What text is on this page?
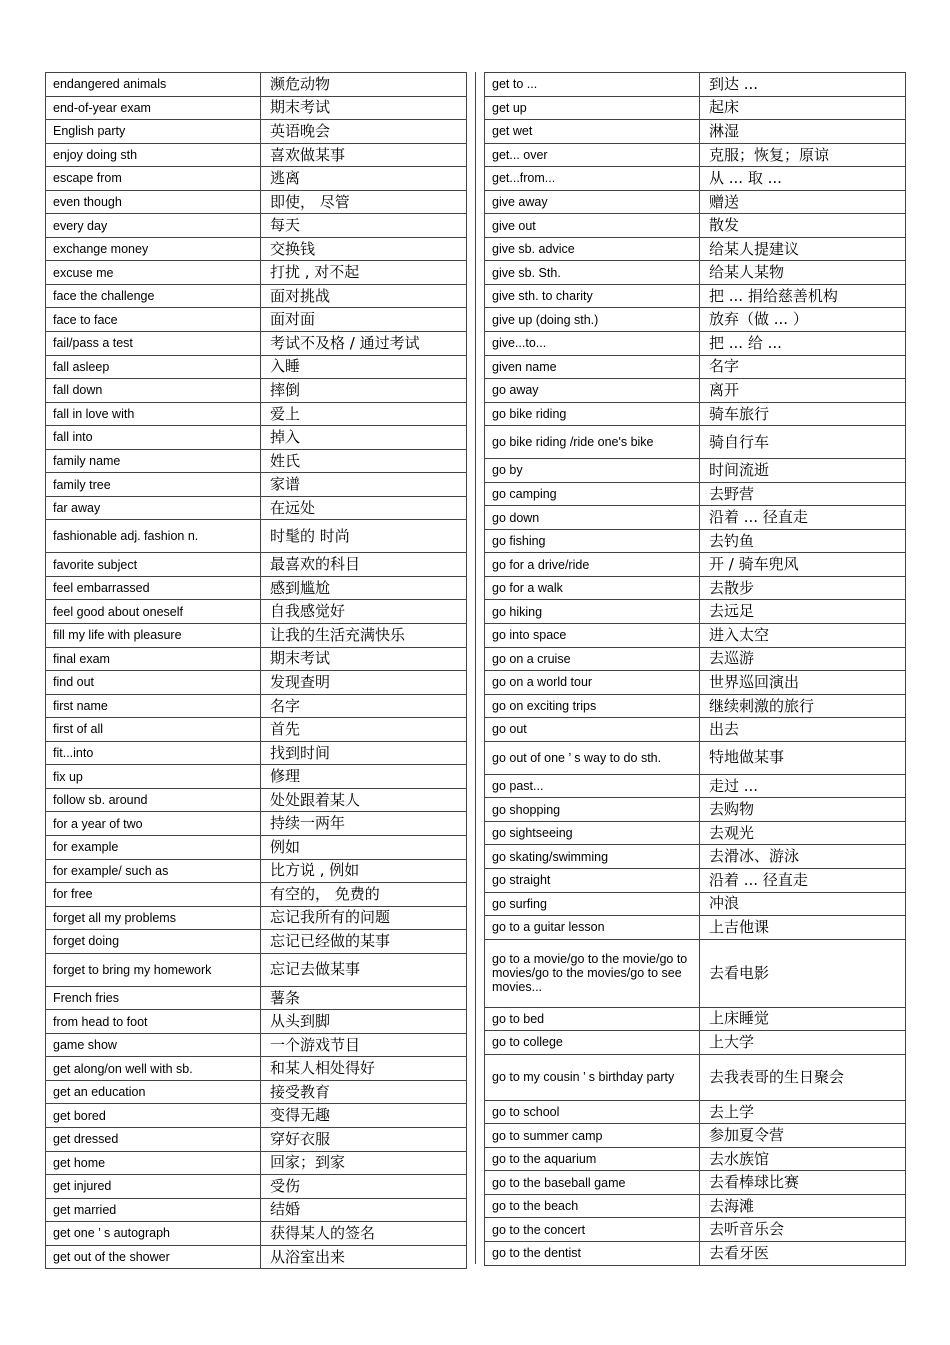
endangered animals	濒危动物
end-of-year exam	期末考试
English party	英语晚会
enjoy doing sth	喜欢做某事
escape from	逃离
even though	即使， 尽管
every day	每天
exchange money	交换钱
excuse me	打扰 , 对不起
face the challenge	面对挑战
face to face	面对面
fail/pass a test	考试不及格 / 通过考试
fall asleep	入睡
fall down	摔倒
fall in love with	爱上
fall into	掉入
family name	姓氏
family tree	家谱
far away	在远处
fashionable adj. fashion n.	时髦的 时尚
favorite subject	最喜欢的科目
feel embarrassed	感到尴尬
feel good about oneself	自我感觉好
fill my life with pleasure	让我的生活充满快乐
final exam	期末考试
find out	发现查明
first name	名字
first of all	首先
fit...into	找到时间
fix up	修理
follow sb. around	处处跟着某人
for a year of two	持续一两年
for example	例如
for example/ such as	比方说 , 例如
for free	有空的， 免费的
forget all my problems	忘记我所有的问题
forget doing	忘记已经做的某事
forget to bring my homework	忘记去做某事
French fries	薯条
from head to foot	从头到脚
game show	一个游戏节目
get along/on well with sb.	和某人相处得好
get an education	接受教育
get bored	变得无趣
get dressed	穿好衣服
get home	回家；到家
get injured	受伤
get married	结婚
get one ’ s autograph	获得某人的签名
get out of the shower	从浴室出来
get to ...	到达 ...
get up	起床
get wet	淋湿
get... over	克服；恢复；原谅
get...from...	从 ... 取 ...
give away	赠送
give out	散发
give sb. advice	给某人提建议
give sb. Sth.	给某人某物
give sth. to charity	把 ... 捐给慈善机构
give up (doing sth.)	放弃（做 ... ）
give...to...	把 ... 给 ...
given name	名字
go away	离开
go bike riding	骑车旅行
go bike riding /ride one's bike	骑自行车
go by	时间流逝
go camping	去野营
go down	沿着 ... 径直走
go fishing	去钓鱼
go for a drive/ride	开 / 骑车兜风
go for a walk	去散步
go hiking	去远足
go into space	进入太空
go on a cruise	去巡游
go on a world tour	世界巡回演出
go on exciting trips	继续刺激的旅行
go out	出去
go out of one ’ s way to do sth.	特地做某事
go past...	走过 ...
go shopping	去购物
go sightseeing	去观光
go skating/swimming	去滑冰、游泳
go straight	沿着 ... 径直走
go surfing	冲浪
go to a guitar lesson	上吉他课
go to a movie/go to the movie/go to movies/go to the movies/go to see movies...	去看电影
go to bed	上床睡觉
go to college	上大学
go to my cousin ’ s birthday party	去我表哥的生日聚会
go to school	去上学
go to summer camp	参加夏令营
go to the aquarium	去水族馆
go to the baseball game	去看棒球比赛
go to the beach	去海滩
go to the concert	去听音乐会
go to the dentist	去看牙医
